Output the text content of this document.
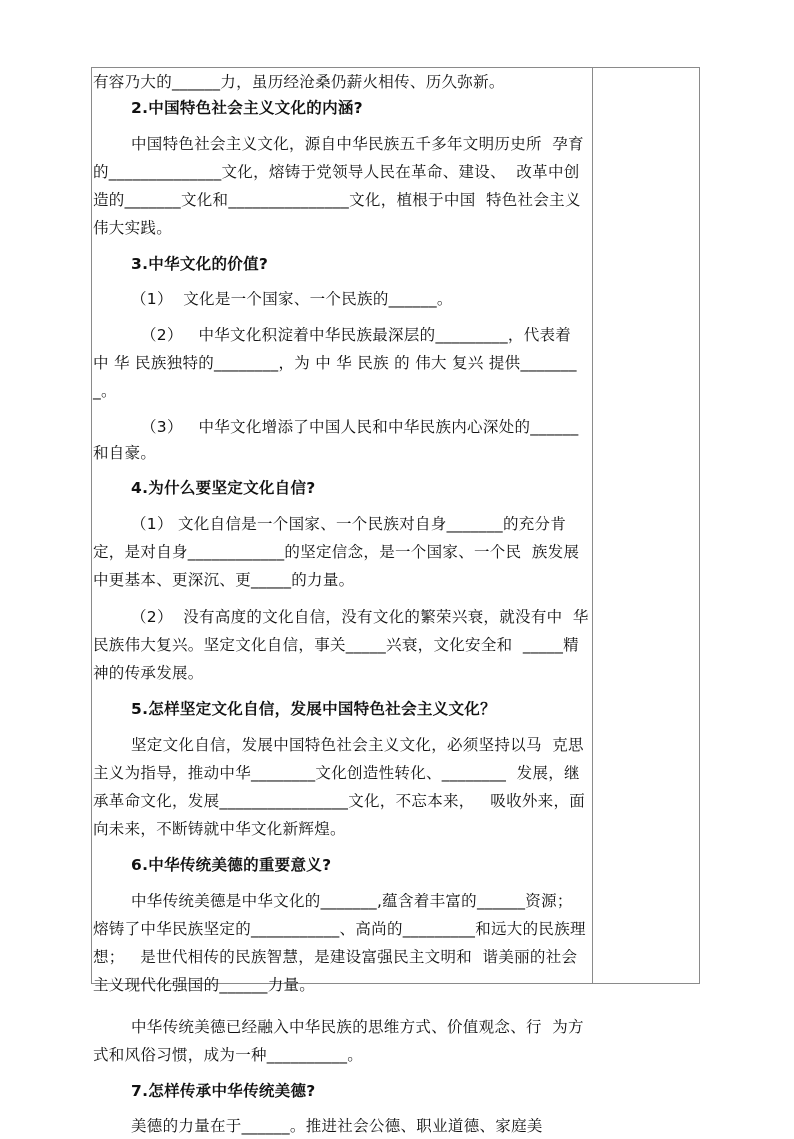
有容乃大的______力，虽历经沧桑仍薪火相传、历久弥新。

2.中国特色社会主义文化的内涵?

中国特色社会主义文化，源自中华民族五千多年文明历史所  孕育的______________文化，熔铸于党领导人民在革命、建设、  改革中创造的_______文化和_______________文化，植根于中国  特色社会主义伟大实践。

3.中华文化的价值?

（1）  文化是一个国家、一个民族的______。

（2）   中华文化积淀着中华民族最深层的_________，代表着  中 华 民族独特的________，为 中 华 民族 的 伟大 复兴 提供________。

（3）   中华文化增添了中国人民和中华民族内心深处的______ 和自豪。

4.为什么要坚定文化自信?

（1） 文化自信是一个国家、一个民族对自身_______的充分肯定，是对自身____________的坚定信念，是一个国家、一个民  族发展中更基本、更深沉、更_____的力量。

（2）  没有高度的文化自信，没有文化的繁荣兴衰，就没有中  华民族伟大复兴。坚定文化自信，事关_____兴衰，文化安全和  _____精神的传承发展。

5.怎样坚定文化自信，发展中国特色社会主义文化？

坚定文化自信，发展中国特色社会主义文化，必须坚持以马  克思主义为指导，推动中华________文化创造性转化、________  发展，继承革命文化，发展________________文化，不忘本来，   吸收外来，面向未来，不断铸就中华文化新辉煌。

6.中华传统美德的重要意义?

中华传统美德是中华文化的_______,蕴含着丰富的______资源；  熔铸了中华民族坚定的___________、高尚的_________和远大的民族理想；   是世代相传的民族智慧，是建设富强民主文明和  谐美丽的社会主义现代化强国的______力量。

中华传统美德已经融入中华民族的思维方式、价值观念、行  为方式和风俗习惯，成为一种__________。

7.怎样传承中华传统美德?

美德的力量在于______。推进社会公德、职业道德、家庭美
